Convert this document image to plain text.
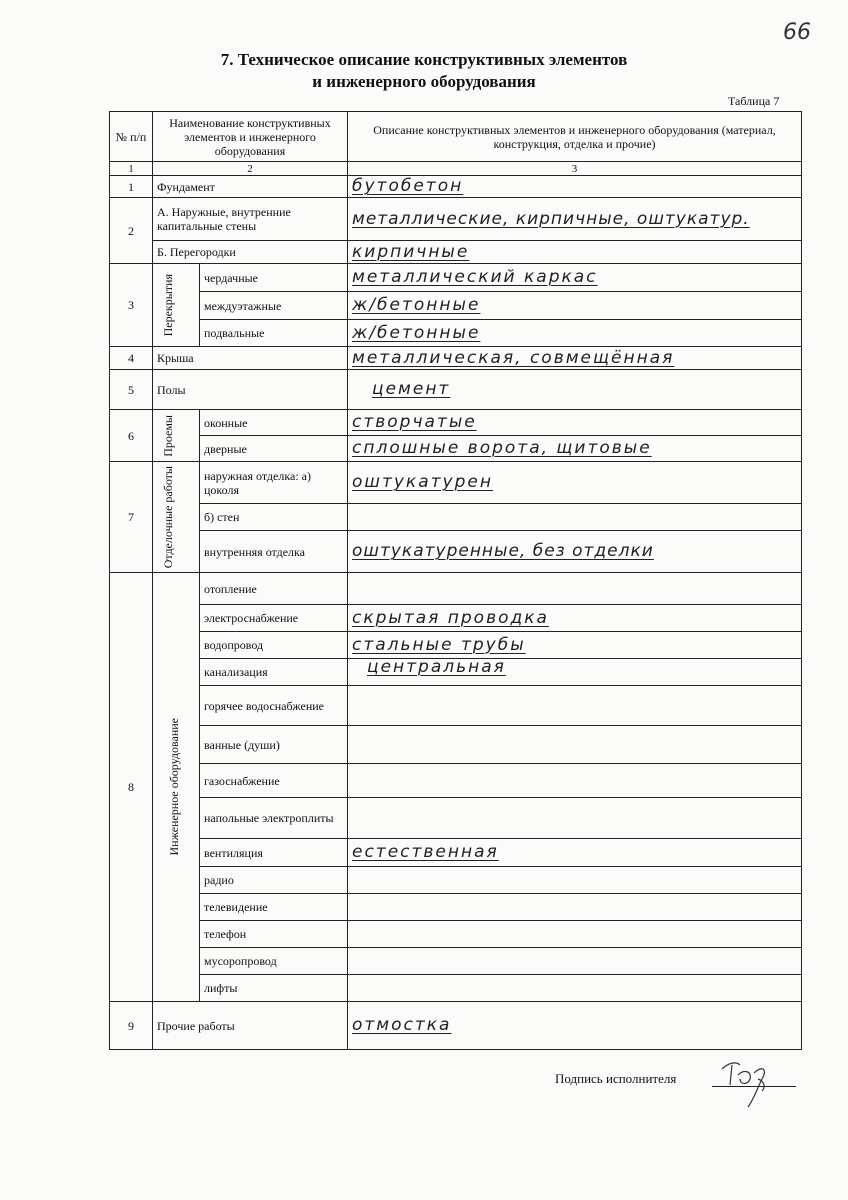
66
7. Техническое описание конструктивных элементов
и инженерного оборудования
Таблица 7
№ п/п	Наименование конструктивных элементов и инженерного оборудования		Описание конструктивных элементов и инженерного оборудования (материал, конструкция, отделка и прочие)
1	2		3
1	Фундамент		бутобетон
2	А. Наружные, внутренние капитальные стены		металлические, кирпичные, оштукатур.
	Б. Перегородки		кирпичные
3	Перекрытия	чердачные	металлический каркас
		междуэтажные	ж/бетонные
		подвальные	ж/бетонные
4	Крыша		металлическая, совмещённая
5	Полы		цемент
6	Проемы	оконные	створчатые
		дверные	сплошные ворота, щитовые
7	Отделочные работы	наружная отделка: а) цоколя	оштукатурен
		б) стен	
		внутренняя отделка	оштукатуренные, без отделки
8	Инженерное оборудование	отопление	
		электроснабжение	скрытая проводка
		водопровод	стальные трубы
		канализация	центральная
		горячее водоснабжение	
		ванные (души)	
		газоснабжение	
		напольные электроплиты	
		вентиляция	естественная
		радио	
		телевидение	
		телефон	
		мусоропровод	
		лифты	
9	Прочие работы		отмостка
Подпись исполнителя
